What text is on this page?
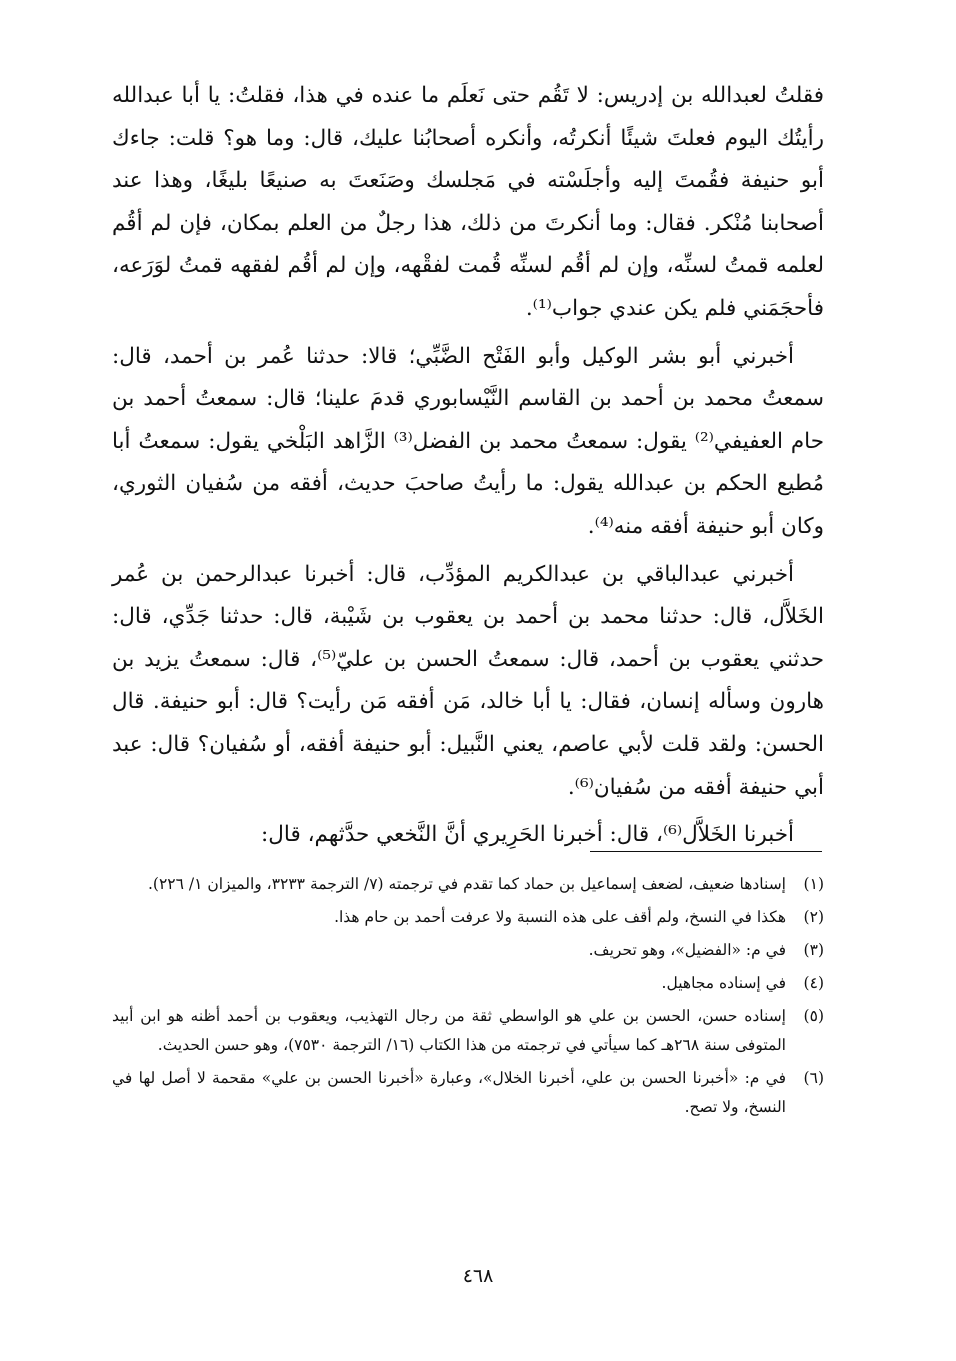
فقلتُ لعبدالله بن إدريس: لا تَقُم حتى نَعلَم ما عنده في هذا، فقلتُ: يا أبا عبدالله رأيتُك اليوم فعلتَ شيئًا أنكرتُه، وأنكره أصحابُنا عليك، قال: وما هو؟ قلت: جاءك أبو حنيفة فقُمتَ إليه وأجلَسْته في مَجلسك وصَنَعتَ به صنيعًا بليغًا، وهذا عند أصحابنا مُنْكر. فقال: وما أنكرتَ من ذلك، هذا رجلٌ من العلم بمكان، فإن لم أقُم لعلمه قمتُ لسنِّه، وإن لم أقُم لسنِّه قُمت لفقْهه، وإن لم أقُم لفقهه قمتُ لوَرَعه، فأحجَمَني فلم يكن عندي جواب⁽¹⁾.

أخبرني أبو بشر الوكيل وأبو الفَتْح الضَّبِّي؛ قالا: حدثنا عُمر بن أحمد، قال: سمعتُ محمد بن أحمد بن القاسم النَّيْسابوري قدمَ علينا؛ قال: سمعتُ أحمد بن حام العفيفي⁽²⁾ يقول: سمعتُ محمد بن الفضل⁽³⁾ الزَّاهد البَلْخي يقول: سمعتُ أبا مُطيع الحكم بن عبدالله يقول: ما رأيتُ صاحبَ حديث، أفقه من سُفيان الثوري، وكان أبو حنيفة أفقه منه⁽⁴⁾.

أخبرني عبدالباقي بن عبدالكريم المؤدِّب، قال: أخبرنا عبدالرحمن بن عُمر الخَلاَّل، قال: حدثنا محمد بن أحمد بن يعقوب بن شَيْبة، قال: حدثنا جَدِّي، قال: حدثني يعقوب بن أحمد، قال: سمعتُ الحسن بن عليّ⁽⁵⁾، قال: سمعتُ يزيد بن هارون وسأله إنسان، فقال: يا أبا خالد، مَن أفقه مَن رأيت؟ قال: أبو حنيفة. قال الحسن: ولقد قلت لأبي عاصم، يعني النَّبيل: أبو حنيفة أفقه، أو سُفيان؟ قال: عبد أبي حنيفة أفقه من سُفيان⁽⁶⁾.

أخبرنا الخَلاَّل⁽⁶⁾، قال: أخبرنا الحَرِيري أنَّ النَّخعي حدَّثهم، قال:

(١)
إسنادها ضعيف، لضعف إسماعيل بن حماد كما تقدم في ترجمته (٧/ الترجمة ٣٢٣٣، والميزان ١/ ٢٢٦).
(٢)
هكذا في النسخ، ولم أقف على هذه النسبة ولا عرفت أحمد بن حام هذا.
(٣)
في م: «الفضيل»، وهو تحريف.
(٤)
في إسناده مجاهيل.
(٥)
إسناده حسن، الحسن بن علي هو الواسطي ثقة من رجال التهذيب، ويعقوب بن أحمد أظنه هو ابن أبيد المتوفى سنة ٢٦٨هـ كما سيأتي في ترجمته من هذا الكتاب (١٦/ الترجمة ٧٥٣٠)، وهو حسن الحديث.
(٦)
في م: «أخبرنا الحسن بن علي، أخبرنا الخلال»، وعبارة «أخبرنا الحسن بن علي» مقحمة لا أصل لها في النسخ، ولا تصح.
٤٦٨
